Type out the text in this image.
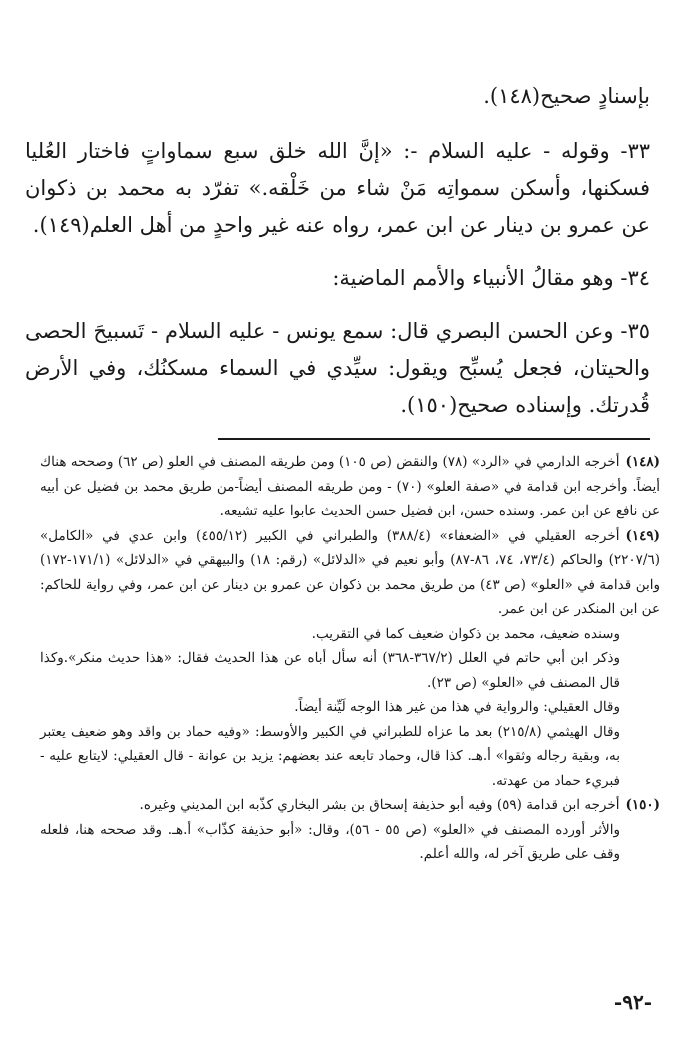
بإسنادٍ صحيح(١٤٨).

٣٣- وقوله - عليه السلام -: «إنَّ الله خلق سبع سماواتٍ فاختار العُليا فسكنها، وأسكن سمواتِه مَنْ شاء من خَلْقه.» تفرّد به محمد بن ذكوان عن عمرو بن دينار عن ابن عمر، رواه عنه غير واحدٍ من أهل العلم(١٤٩).

٣٤- وهو مقالُ الأنبياء والأمم الماضية:

٣٥- وعن الحسن البصري قال: سمع يونس - عليه السلام - تَسبيحَ الحصى والحيتان، فجعل يُسبِّح ويقول: سيِّدي في السماء مسكنُك، وفي الأرض قُدرتك. وإسناده صحيح(١٥٠).

(١٤٨)أخرجه الدارمي في «الرد» (٧٨) والنقض (ص ١٠٥) ومن طريقه المصنف في العلو (ص ٦٢) وصححه هناك أيضاً. وأخرجه ابن قدامة في «صفة العلو» (٧٠) - ومن طريقه المصنف أيضاً-من طريق محمد بن فضيل عن أبيه عن نافع عن ابن عمر. وسنده حسن، ابن فضيل حسن الحديث عابوا عليه تشيعه.

(١٤٩)أخرجه العقيلي في «الضعفاء» (٣٨٨/٤) والطبراني في الكبير (٤٥٥/١٢) وابن عدي في «الكامل» (٢٢٠٧/٦) والحاكم (٧٣/٤، ٧٤، ٨٦-٨٧) وأبو نعيم في «الدلائل» (رقم: ١٨) والبيهقي في «الدلائل» (١٧١/١-١٧٢) وابن قدامة في «العلو» (ص ٤٣) من طريق محمد بن ذكوان عن عمرو بن دينار عن ابن عمر، وفي رواية للحاكم: عن ابن المنكدر عن ابن عمر.

وسنده ضعيف، محمد بن ذكوان ضعيف كما في التقريب.

وذكر ابن أبي حاتم في العلل (٣٦٧/٢-٣٦٨) أنه سأل أباه عن هذا الحديث فقال: «هذا حديث منكر».وكذا قال المصنف في «العلو» (ص ٢٣).

وقال العقيلي: والرواية في هذا من غير هذا الوجه لَيِّنة أيضاً.

وقال الهيثمي (٢١٥/٨) بعد ما عزاه للطبراني في الكبير والأوسط: «وفيه حماد بن واقد وهو ضعيف يعتبر به، وبقية رجاله وثقوا» أ.هـ. كذا قال، وحماد تابعه عند بعضهم: يزيد بن عوانة - قال العقيلي: لايتابع عليه - فبريء حماد من عهدته.

(١٥٠)أخرجه ابن قدامة (٥٩) وفيه أبو حذيفة إسحاق بن بشر البخاري كذّبه ابن المديني وغيره.

والأثر أورده المصنف في «العلو» (ص ٥٥ - ٥٦)، وقال: «أبو حذيفة كذّاب» أ.هـ. وقد صححه هنا، فلعله وقف على طريق آخر له، والله أعلم.

-٩٢-
